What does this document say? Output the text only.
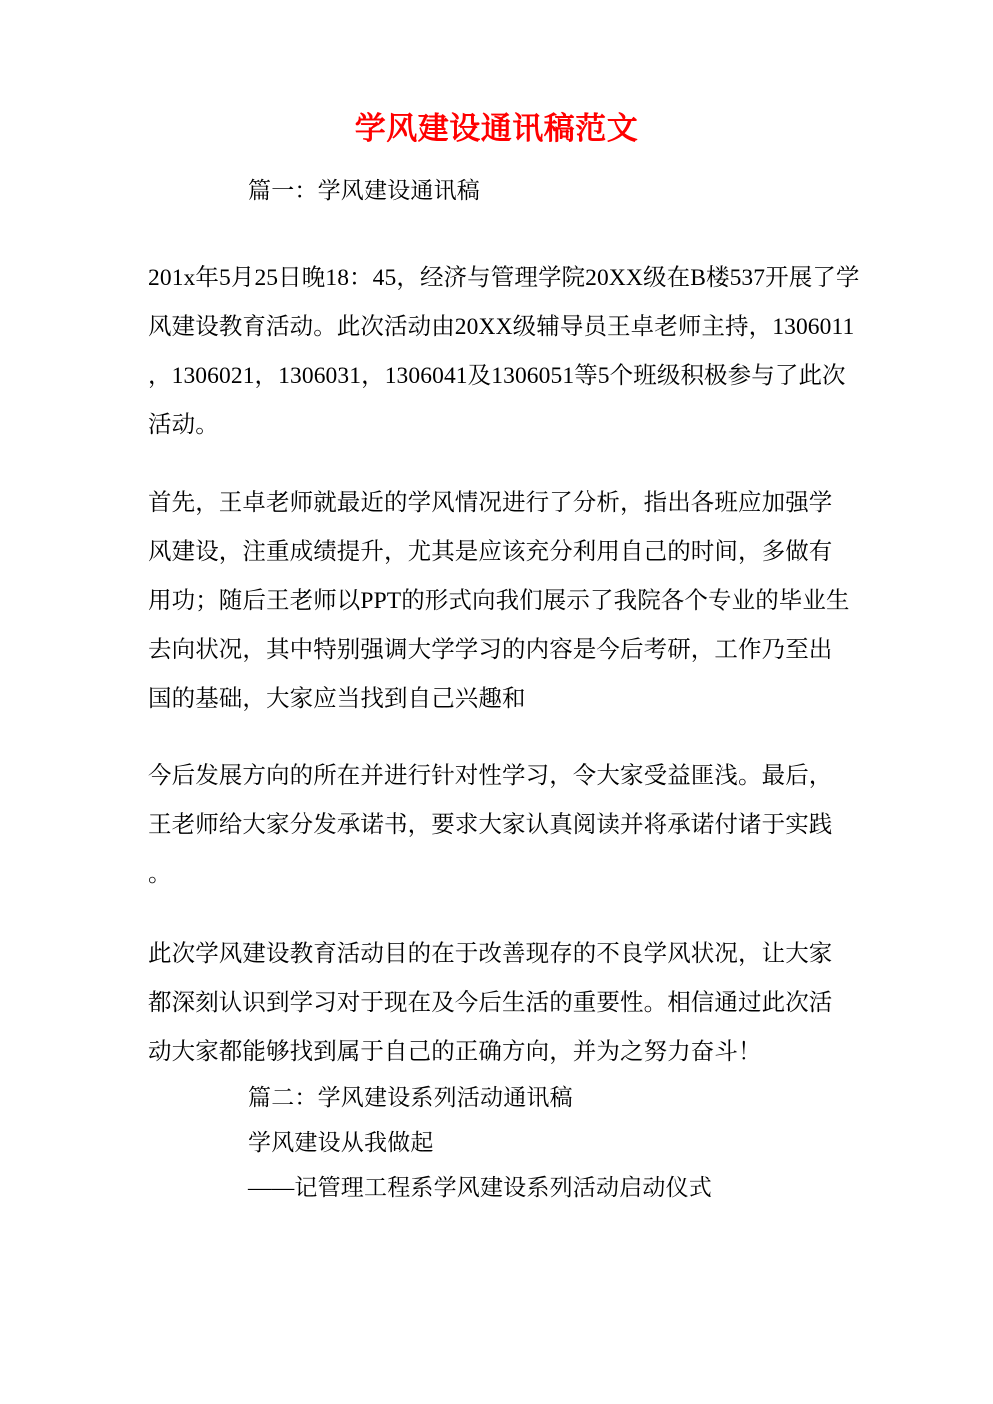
学风建设通讯稿范文
篇一：学风建设通讯稿

201x年5月25日晚18：45，经济与管理学院20XX级在B楼537开展了学

风建设教育活动。此次活动由20XX级辅导员王卓老师主持，1306011

，1306021，1306031，1306041及1306051等5个班级积极参与了此次

活动。

首先，王卓老师就最近的学风情况进行了分析，指出各班应加强学

风建设，注重成绩提升，尤其是应该充分利用自己的时间，多做有

用功；随后王老师以PPT的形式向我们展示了我院各个专业的毕业生

去向状况，其中特别强调大学学习的内容是今后考研，工作乃至出

国的基础，大家应当找到自己兴趣和

今后发展方向的所在并进行针对性学习，令大家受益匪浅。最后，

王老师给大家分发承诺书，要求大家认真阅读并将承诺付诸于实践

。

此次学风建设教育活动目的在于改善现存的不良学风状况，让大家

都深刻认识到学习对于现在及今后生活的重要性。相信通过此次活

动大家都能够找到属于自己的正确方向，并为之努力奋斗！

篇二：学风建设系列活动通讯稿
学风建设从我做起
——记管理工程系学风建设系列活动启动仪式
